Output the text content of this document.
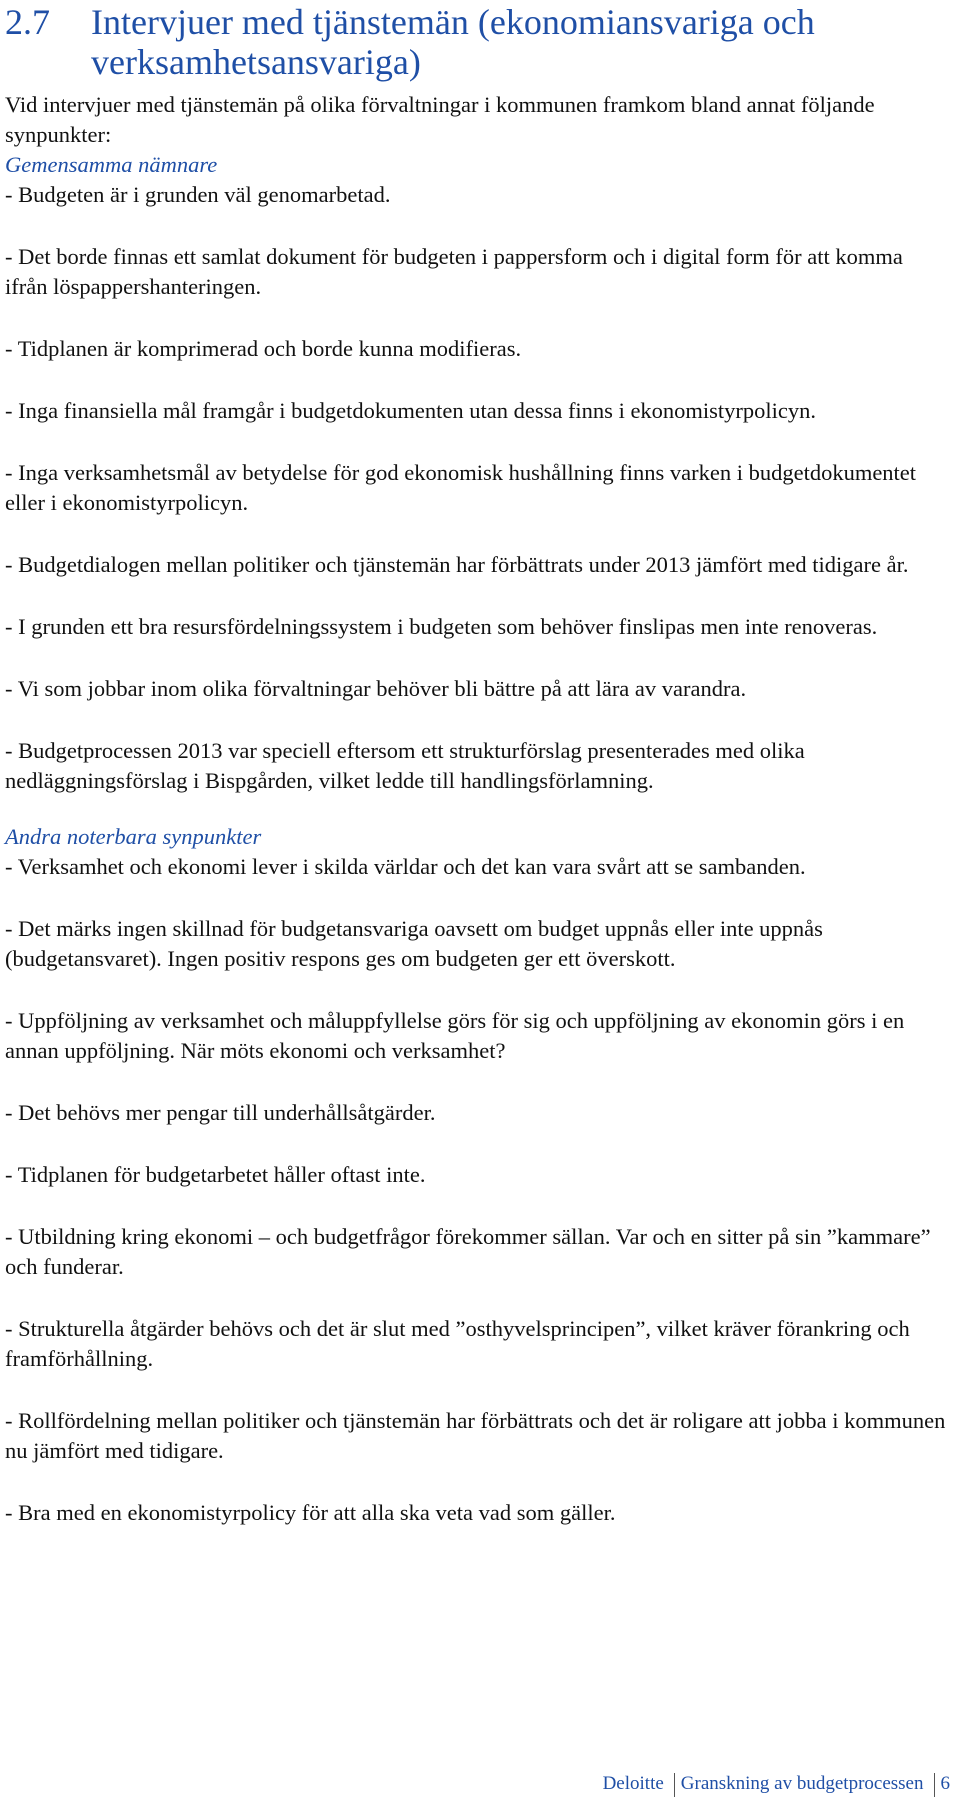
2.7	Intervjuer med tjänstemän (ekonomiansvariga och verksamhetsansvariga)

Vid intervjuer med tjänstemän på olika förvaltningar i kommunen framkom bland annat följande synpunkter:

Gemensamma nämnare

- Budgeten är i grunden väl genomarbetad.

- Det borde finnas ett samlat dokument för budgeten i pappersform och i digital form för att komma ifrån löspappershanteringen.

- Tidplanen är komprimerad och borde kunna modifieras.

- Inga finansiella mål framgår i budgetdokumenten utan dessa finns i ekonomistyrpolicyn.

- Inga verksamhetsmål av betydelse för god ekonomisk hushållning finns varken i budgetdokumentet eller i ekonomistyrpolicyn.

- Budgetdialogen mellan politiker och tjänstemän har förbättrats under 2013 jämfört med tidigare år.

- I grunden ett bra resursfördelningssystem i budgeten som behöver finslipas men inte renoveras.

- Vi som jobbar inom olika förvaltningar behöver bli bättre på att lära av varandra.

- Budgetprocessen 2013 var speciell eftersom ett strukturförslag presenterades med olika nedläggningsförslag i Bispgården, vilket ledde till handlingsförlamning.

Andra noterbara synpunkter

- Verksamhet och ekonomi lever i skilda världar och det kan vara svårt att se sambanden.

- Det märks ingen skillnad för budgetansvariga oavsett om budget uppnås eller inte uppnås (budgetansvaret). Ingen positiv respons ges om budgeten ger ett överskott.

- Uppföljning av verksamhet och måluppfyllelse görs för sig och uppföljning av ekonomin görs i en annan uppföljning. När möts ekonomi och verksamhet?

- Det behövs mer pengar till underhållsåtgärder.

- Tidplanen för budgetarbetet håller oftast inte.

- Utbildning kring ekonomi – och budgetfrågor förekommer sällan. Var och en sitter på sin ”kammare” och funderar.

- Strukturella åtgärder behövs och det är slut med ”osthyvelsprincipen”, vilket kräver förankring och framförhållning.

- Rollfördelning mellan politiker och tjänstemän har förbättrats och det är roligare att jobba i kommunen nu jämfört med tidigare.

- Bra med en ekonomistyrpolicy för att alla ska veta vad som gäller.

Deloitte Granskning av budgetprocessen 6
